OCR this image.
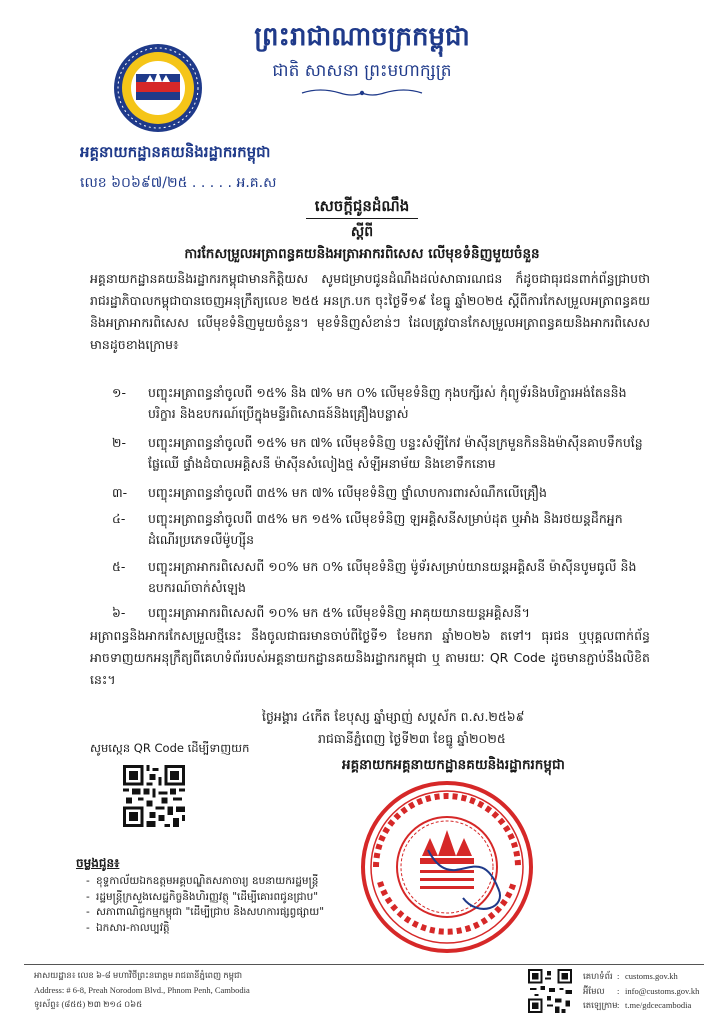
ព្រះរាជាណាចក្រកម្ពុជា
ជាតិ សាសនា ព្រះមហាក្សត្រ
អគ្គនាយកដ្ឋានគយនិងរដ្ឋាករកម្ពុជា
លេខ ៦០៦៩៧/២៥ . . . . . អ.គ.ស
សេចក្ដីជូនដំណឹង
ស្ដីពី
ការកែសម្រួលអត្រាពន្ធគយនិងអត្រាអាករពិសេស លើមុខទំនិញមួយចំនួន
អគ្គនាយកដ្ឋានគយនិងរដ្ឋាករកម្ពុជាមានកិត្តិយស សូមជម្រាបជូនដំណឹងដល់សាធារណជន ក៏ដូចជាធុរជនពាក់ព័ន្ធជ្រាបថា រាជរដ្ឋាភិបាលកម្ពុជាបានចេញអនុក្រឹត្យលេខ ២៥៥ អនក្រ.បក ចុះថ្ងៃទី១៩ ខែធ្នូ ឆ្នាំ២០២៥ ស្ដីពីការកែសម្រួលអត្រាពន្ធគយនិងអត្រាអាករពិសេស លើមុខទំនិញមួយចំនួន។ មុខទំនិញសំខាន់ៗ ដែលត្រូវបានកែសម្រួលអត្រាពន្ធគយនិងអាករពិសេស មានដូចខាងក្រោម៖
១-	បញ្ចុះអត្រាពន្ធនាំចូលពី ១៥% និង ៧% មក ០% លើមុខទំនិញ កុងបក្សីរស់ កុំព្យូទ័រនិងបរិក្ខារអង់តែននិងបរិក្ខារ និងឧបករណ៍ប្រើក្នុងមន្ទីរពិសោធន៍និងគ្រឿងបន្លាស់
២-	បញ្ចុះអត្រាពន្ធនាំចូលពី ១៥% មក ៧% លើមុខទំនិញ បន្ទះសំឡីកែវ ម៉ាស៊ីនក្រមួនកិននិងម៉ាស៊ីនគាបទឹកបន្លែផ្លែឈើ ផ្ទាំងដំបាលអគ្គិសនី ម៉ាស៊ីនសំលៀងថ្ម សំឡីអនាម័យ និងខោទឹកនោម
៣-	បញ្ចុះអត្រាពន្ធនាំចូលពី ៣៥% មក ៧% លើមុខទំនិញ ថ្នាំលាបការពារសំណឹកលើគ្រឿង
៤-	បញ្ចុះអត្រាពន្ធនាំចូលពី ៣៥% មក ១៥% លើមុខទំនិញ ឡអគ្គិសនីសម្រាប់ដុត ឬអាំង និងរថយន្តដឹកអ្នកដំណើរប្រភេទលីម៉ូហ្ស៊ីន
៥-	បញ្ចុះអត្រាអាករពិសេសពី ១០% មក ០% លើមុខទំនិញ ម៉ូទ័រសម្រាប់យានយន្តអគ្គិសនី ម៉ាស៊ីនបូមធូលី និងឧបករណ៍ចាក់សំឡេង
៦-	បញ្ចុះអត្រាអាករពិសេសពី ១០% មក ៥% លើមុខទំនិញ អាគុយយានយន្តអគ្គិសនី។
អត្រាពន្ធនិងអាករកែសម្រួលថ្មីនេះ នឹងចូលជាធរមានចាប់ពីថ្ងៃទី១ ខែមករា ឆ្នាំ២០២៦ តទៅ។ ធុរជន ឬបុគ្គលពាក់ព័ន្ធអាចទាញយកអនុក្រឹត្យពីគេហទំព័ររបស់អគ្គនាយកដ្ឋានគយនិងរដ្ឋាករកម្ពុជា ឬ តាមរយៈ QR Code ដូចមានភ្ជាប់នឹងលិខិតនេះ។
ថ្ងៃអង្គារ ៤កើត ខែបុស្ស ឆ្នាំម្សាញ់ សប្តស័ក ព.ស.២៥៦៩
រាជធានីភ្នំពេញ ថ្ងៃទី២៣ ខែធ្នូ ឆ្នាំ២០២៥
អគ្គនាយកអគ្គនាយកដ្ឋានគយនិងរដ្ឋាករកម្ពុជា
សូមស្កេន QR Code ដើម្បីទាញយក
ចម្លងជូន៖
- ខុទ្ទកាល័យឯកឧត្តមអគ្គបណ្ឌិតសភាចារ្យ ឧបនាយករដ្ឋមន្ត្រី
- រដ្ឋមន្ត្រីក្រសួងសេដ្ឋកិច្ចនិងហិរញ្ញវត្ថុ "ដើម្បីគោរពជូនជ្រាប"
- សភាពាណិជ្ជកម្មកម្ពុជា "ដើម្បីជ្រាប និងសហការផ្សព្វផ្សាយ"
- ឯកសារ-កាលប្បវត្តិ
អាសយដ្ឋាន៖ លេខ ៦-៨ មហាវិថីព្រះនរោត្តម រាជធានីភ្នំពេញ កម្ពុជា
Address: # 6-8, Preah Norodom Blvd., Phnom Penh, Cambodia
ទូរស័ព្ទ៖ (៨៥៥) ២៣ ២១៤ ០៦៥
គេហទំព័រ : customs.gov.kh
អ៊ីមែល	: info@customs.gov.kh
តេឡេក្រាម : t.me/gdcecambodia
